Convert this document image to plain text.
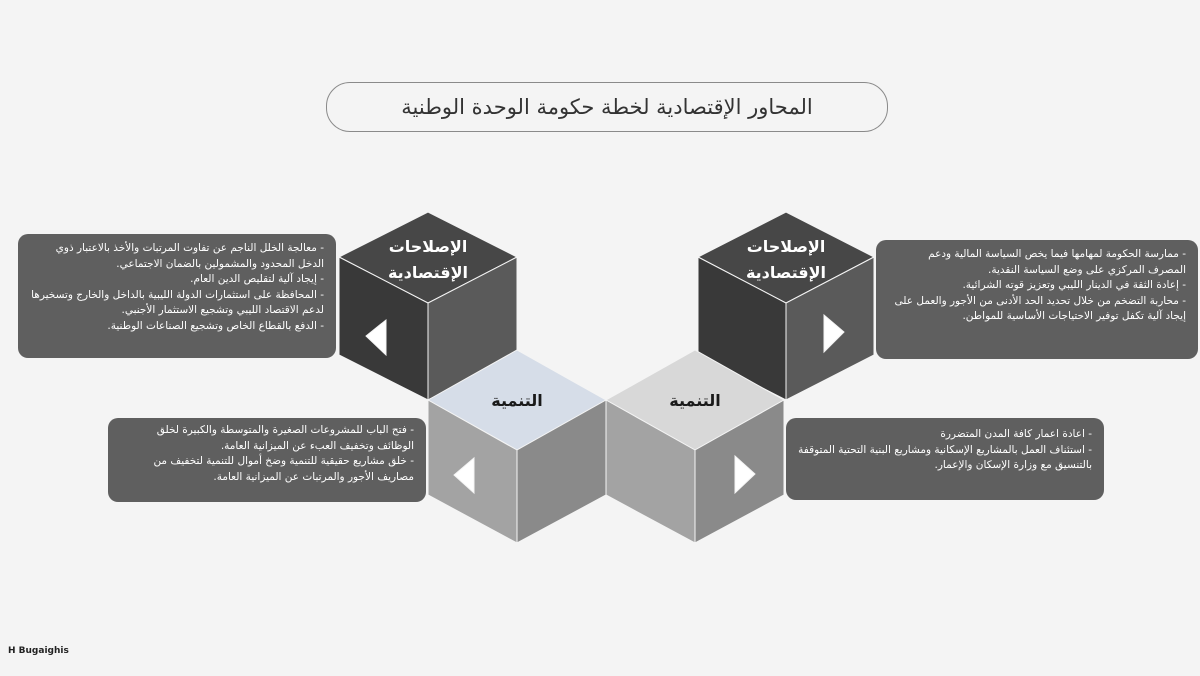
المحاور الإقتصادية لخطة حكومة الوحدة الوطنية
الإصلاحات
الإقتصادية
الإصلاحات
الإقتصادية
التنمية	التنمية

- ممارسة الحكومة لمهامها فيما يخص السياسة المالية ودعم المصرف المركزي على وضع السياسة النقدية.

- إعادة الثقة في الدينار الليبي وتعزيز قوته الشرائية.

- محاربة التضخم من خلال تحديد الحد الأدنى من الأجور والعمل على إيجاد آلية تكفل توفير الاحتياجات الأساسية للمواطن.

- معالجة الخلل الناجم عن تفاوت المرتبات والأخذ بالاعتبار ذوي الدخل المحدود والمشمولين بالضمان الاجتماعي.

- إيجاد آلية لتقليص الدين العام.

- المحافظة على استثمارات الدولة الليبية بالداخل والخارج وتسخيرها لدعم الاقتصاد الليبي وتشجيع الاستثمار الأجنبي.

- الدفع بالقطاع الخاص وتشجيع الصناعات الوطنية.

- اعادة اعمار كافة المدن المتضررة

- استئناف العمل بالمشاريع الإسكانية ومشاريع البنية التحتية المتوقفة بالتنسيق مع وزارة الإسكان والإعمار.

- فتح الباب للمشروعات الصغيرة والمتوسطة والكبيرة لخلق الوظائف وتخفيف العبء عن الميزانية العامة.

- خلق مشاريع حقيقية للتنمية وضخ أموال للتنمية لتخفيف من مصاريف الأجور والمرتبات عن الميزانية العامة.

H Bugaighis
